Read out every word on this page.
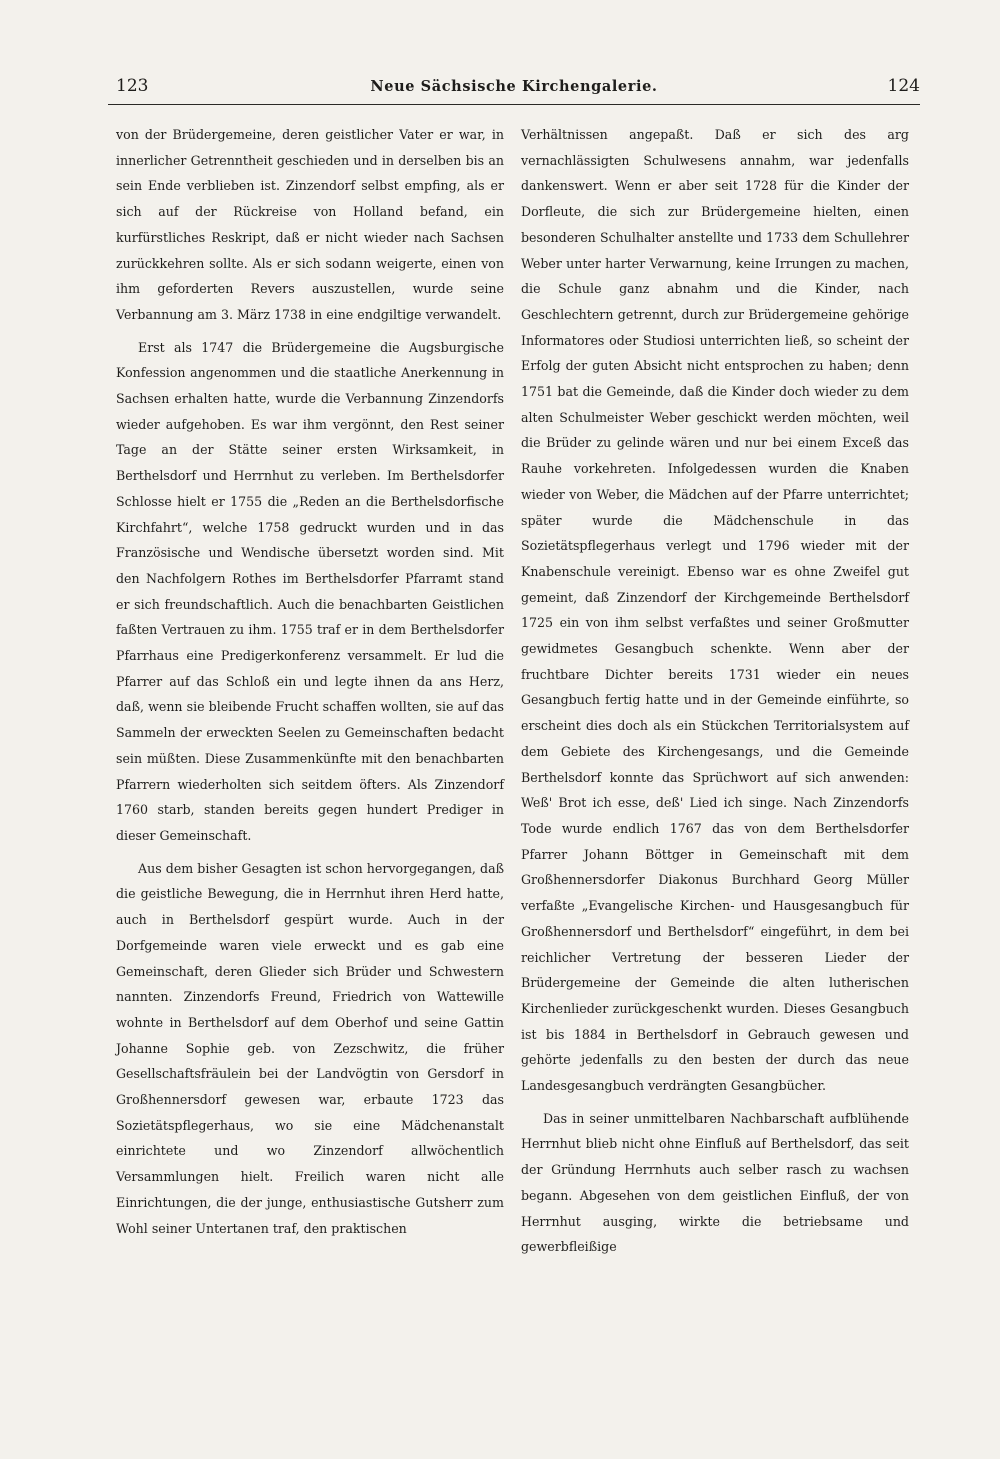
123	Neue Sächsische Kirchengalerie.	124

von der Brüdergemeine, deren geistlicher Vater er war, in innerlicher Getrenntheit geschieden und in derselben bis an sein Ende verblieben ist. Zinzendorf selbst empfing, als er sich auf der Rückreise von Holland befand, ein kurfürstliches Reskript, daß er nicht wieder nach Sachsen zurückkehren sollte. Als er sich sodann weigerte, einen von ihm geforderten Revers auszustellen, wurde seine Verbannung am 3. März 1738 in eine endgiltige verwandelt.

Erst als 1747 die Brüdergemeine die Augsburgische Konfession angenommen und die staatliche Anerkennung in Sachsen erhalten hatte, wurde die Verbannung Zinzendorfs wieder aufgehoben. Es war ihm vergönnt, den Rest seiner Tage an der Stätte seiner ersten Wirksamkeit, in Berthelsdorf und Herrnhut zu verleben. Im Berthelsdorfer Schlosse hielt er 1755 die „Reden an die Berthelsdorfische Kirchfahrt“, welche 1758 gedruckt wurden und in das Französische und Wendische übersetzt worden sind. Mit den Nachfolgern Rothes im Berthelsdorfer Pfarramt stand er sich freundschaftlich. Auch die benachbarten Geistlichen faßten Vertrauen zu ihm. 1755 traf er in dem Berthelsdorfer Pfarrhaus eine Predigerkonferenz versammelt. Er lud die Pfarrer auf das Schloß ein und legte ihnen da ans Herz, daß, wenn sie bleibende Frucht schaffen wollten, sie auf das Sammeln der erweckten Seelen zu Gemeinschaften bedacht sein müßten. Diese Zusammenkünfte mit den benachbarten Pfarrern wiederholten sich seitdem öfters. Als Zinzendorf 1760 starb, standen bereits gegen hundert Prediger in dieser Gemeinschaft.

Aus dem bisher Gesagten ist schon hervorgegangen, daß die geistliche Bewegung, die in Herrnhut ihren Herd hatte, auch in Berthelsdorf gespürt wurde. Auch in der Dorfgemeinde waren viele erweckt und es gab eine Gemeinschaft, deren Glieder sich Brüder und Schwestern nannten. Zinzendorfs Freund, Friedrich von Wattewille wohnte in Berthelsdorf auf dem Oberhof und seine Gattin Johanne Sophie geb. von Zezschwitz, die früher Gesellschaftsfräulein bei der Landvögtin von Gersdorf in Großhennersdorf gewesen war, erbaute 1723 das Sozietätspflegerhaus, wo sie eine Mädchenanstalt einrichtete und wo Zinzendorf allwöchentlich Versammlungen hielt. Freilich waren nicht alle Einrichtungen, die der junge, enthusiastische Gutsherr zum Wohl seiner Untertanen traf, den praktischen

Verhältnissen angepaßt. Daß er sich des arg vernachlässigten Schulwesens annahm, war jedenfalls dankenswert. Wenn er aber seit 1728 für die Kinder der Dorfleute, die sich zur Brüdergemeine hielten, einen besonderen Schulhalter anstellte und 1733 dem Schullehrer Weber unter harter Verwarnung, keine Irrungen zu machen, die Schule ganz abnahm und die Kinder, nach Geschlechtern getrennt, durch zur Brüdergemeine gehörige Informatores oder Studiosi unterrichten ließ, so scheint der Erfolg der guten Absicht nicht entsprochen zu haben; denn 1751 bat die Gemeinde, daß die Kinder doch wieder zu dem alten Schulmeister Weber geschickt werden möchten, weil die Brüder zu gelinde wären und nur bei einem Exceß das Rauhe vorkehreten. Infolgedessen wurden die Knaben wieder von Weber, die Mädchen auf der Pfarre unterrichtet; später wurde die Mädchenschule in das Sozietätspflegerhaus verlegt und 1796 wieder mit der Knabenschule vereinigt. Ebenso war es ohne Zweifel gut gemeint, daß Zinzendorf der Kirchgemeinde Berthelsdorf 1725 ein von ihm selbst verfaßtes und seiner Großmutter gewidmetes Gesangbuch schenkte. Wenn aber der fruchtbare Dichter bereits 1731 wieder ein neues Gesangbuch fertig hatte und in der Gemeinde einführte, so erscheint dies doch als ein Stückchen Territorialsystem auf dem Gebiete des Kirchengesangs, und die Gemeinde Berthelsdorf konnte das Sprüchwort auf sich anwenden: Weß' Brot ich esse, deß' Lied ich singe. Nach Zinzendorfs Tode wurde endlich 1767 das von dem Berthelsdorfer Pfarrer Johann Böttger in Gemeinschaft mit dem Großhennersdorfer Diakonus Burchhard Georg Müller verfaßte „Evangelische Kirchen- und Hausgesangbuch für Großhennersdorf und Berthelsdorf“ eingeführt, in dem bei reichlicher Vertretung der besseren Lieder der Brüdergemeine der Gemeinde die alten lutherischen Kirchenlieder zurückgeschenkt wurden. Dieses Gesangbuch ist bis 1884 in Berthelsdorf in Gebrauch gewesen und gehörte jedenfalls zu den besten der durch das neue Landesgesangbuch verdrängten Gesangbücher.

Das in seiner unmittelbaren Nachbarschaft aufblühende Herrnhut blieb nicht ohne Einfluß auf Berthelsdorf, das seit der Gründung Herrnhuts auch selber rasch zu wachsen begann. Abgesehen von dem geistlichen Einfluß, der von Herrnhut ausging, wirkte die betriebsame und gewerbfleißige
